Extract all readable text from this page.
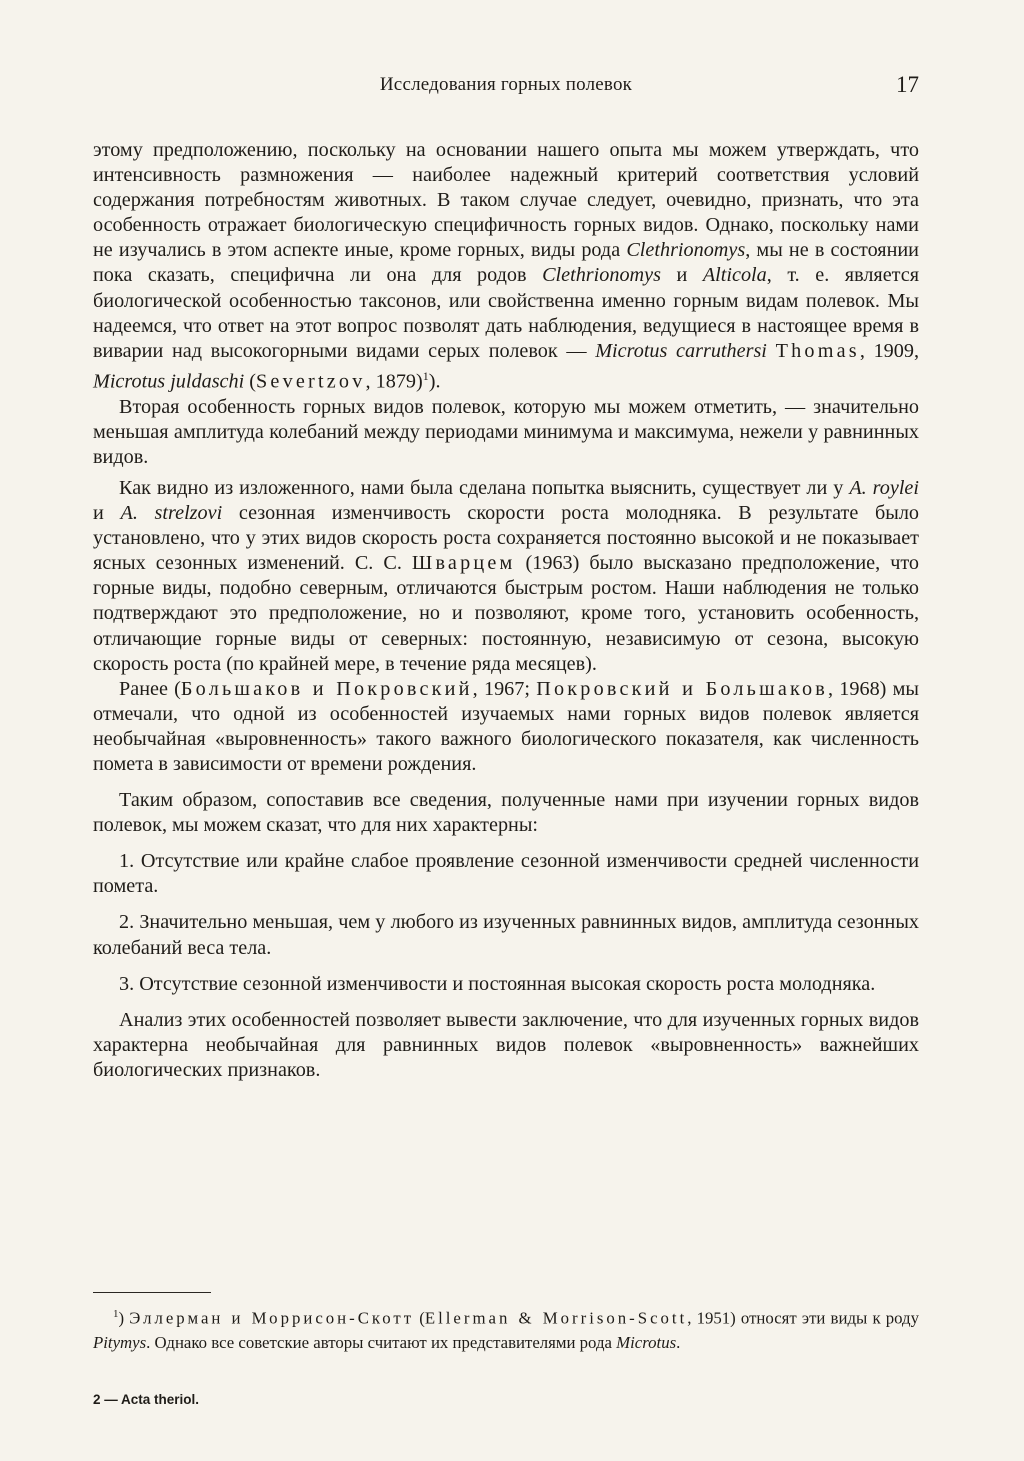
Исследования горных полевок	17

этому предположению, поскольку на основании нашего опыта мы можем утверждать, что интенсивность размножения — наиболее надежный критерий соответствия условий содержания потребностям животных. В таком случае следует, очевидно, признать, что эта особенность отражает биологическую специфичность горных видов. Однако, поскольку нами не изучались в этом аспекте иные, кроме горных, виды рода Clethrionomys, мы не в состоянии пока сказать, специфична ли она для родов Clethrionomys и Alticola, т. е. является биологической особенностью таксонов, или свойственна именно горным видам полевок. Мы надеемся, что ответ на этот вопрос позволят дать наблюдения, ведущиеся в настоящее время в виварии над высокогорными видами серых полевок — Microtus carruthersi Thomas, 1909, Microtus juldaschi (Severtzov, 1879)$^1$).

Вторая особенность горных видов полевок, которую мы можем отметить, — значительно меньшая амплитуда колебаний между периодами минимума и максимума, нежели у равнинных видов.

Как видно из изложенного, нами была сделана попытка выяснить, существует ли у A. roylei и A. strelzovi сезонная изменчивость скорости роста молодняка. В результате было установлено, что у этих видов скорость роста сохраняется постоянно высокой и не показывает ясных сезонных изменений. С. С. Шварцем (1963) было высказано предположение, что горные виды, подобно северным, отличаются быстрым ростом. Наши наблюдения не только подтверждают это предположение, но и позволяют, кроме того, установить особенность, отличающие горные виды от северных: постоянную, независимую от сезона, высокую скорость роста (по крайней мере, в течение ряда месяцев).

Ранее (Большаков и Покровский, 1967; Покровский и Большаков, 1968) мы отмечали, что одной из особенностей изучаемых нами горных видов полевок является необычайная «выровненность» такого важного биологического показателя, как численность помета в зависимости от времени рождения.

Таким образом, сопоставив все сведения, полученные нами при изучении горных видов полевок, мы можем сказат, что для них характерны:

1. Отсутствие или крайне слабое проявление сезонной изменчивости средней численности помета.

2. Значительно меньшая, чем у любого из изученных равнинных видов, амплитуда сезонных колебаний веса тела.

3. Отсутствие сезонной изменчивости и постоянная высокая скорость роста молодняка.

Анализ этих особенностей позволяет вывести заключение, что для изученных горных видов характерна необычайная для равнинных видов полевок «выровненность» важнейших биологических признаков.

$^1$) Эллерман и Моррисон-Скотт (Ellerman & Morrison-Scott, 1951) относят эти виды к роду Pitymys. Однако все советские авторы считают их представителями рода Microtus.
2 — Acta theriol.
